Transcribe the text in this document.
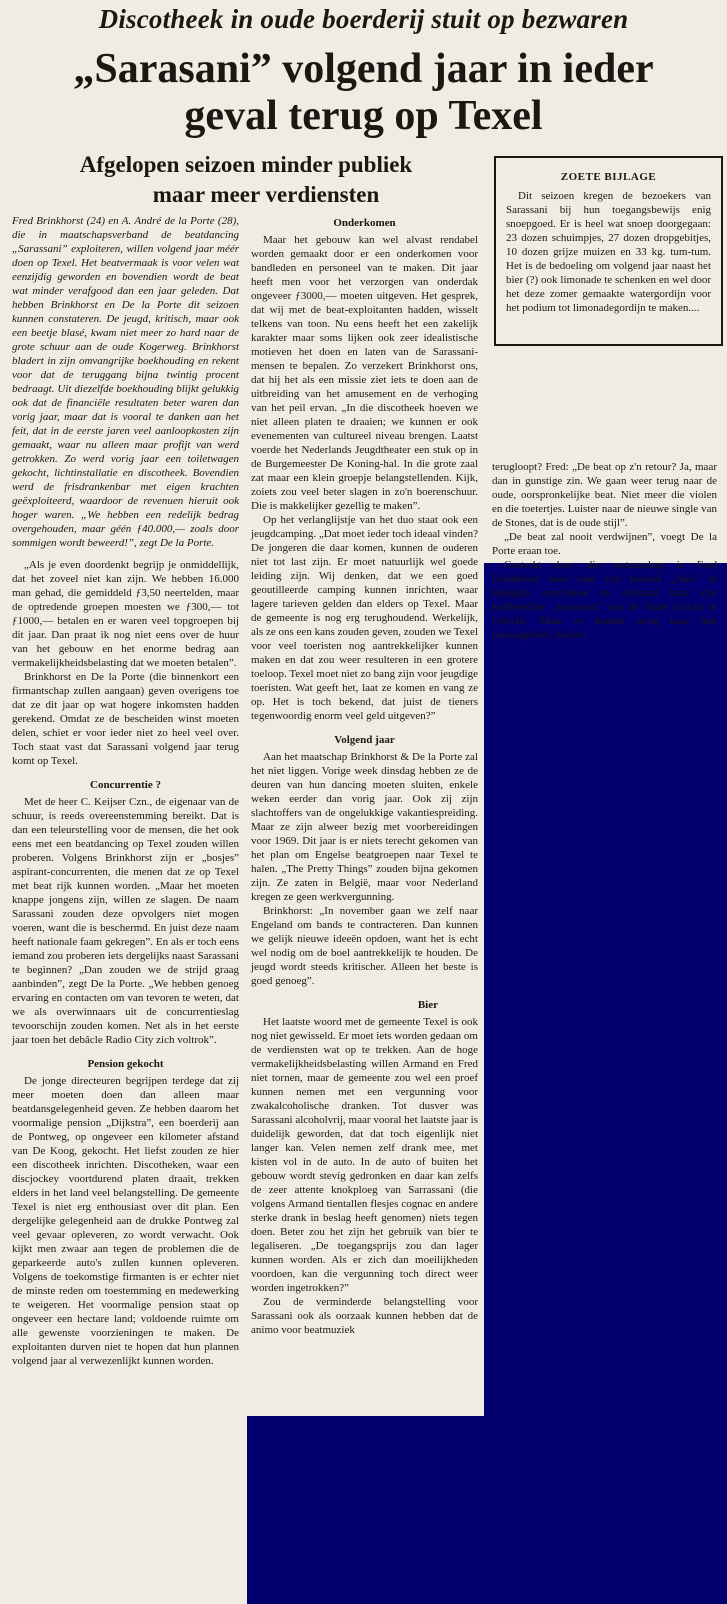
Discotheek in oude boerderij stuit op bezwaren
„Sarasani” volgend jaar in ieder
geval terug op Texel
Afgelopen seizoen minder publiek
maar meer verdiensten
ZOETE BIJLAGE

Dit seizoen kregen de bezoekers van Sarassani bij hun toegangsbewijs enig snoepgoed. Er is heel wat snoep doorgegaan: 23 dozen schuimpjes, 27 dozen dropgebitjes, 10 dozen grijze muizen en 33 kg. tum-tum. Het is de bedoeling om volgend jaar naast het bier (?) ook limonade te schenken en wel door het deze zomer gemaakte watergordijn voor het podium tot limonadegordijn te maken....

Fred Brinkhorst (24) en A. André de la Porte (28), die in maatschapsverband de beatdancing „Sarassani” exploiteren, willen volgend jaar méér doen op Texel. Het beatvermaak is voor velen wat eenzijdig geworden en bovendien wordt de beat wat minder verafgood dan een jaar geleden. Dat hebben Brinkhorst en De la Porte dit seizoen kunnen constateren. De jeugd, kritisch, maar ook een beetje blasé, kwam niet meer zo hard naar de grote schuur aan de oude Kogerweg. Brinkhorst bladert in zijn omvangrijke boekhouding en rekent voor dat de teruggang bijna twintig procent bedraagt. Uit diezelfde boekhouding blijkt gelukkig ook dat de financiële resultaten beter waren dan vorig jaar, maar dat is vooral te danken aan het feit, dat in de eerste jaren veel aanloopkosten zijn gemaakt, waar nu alleen maar profijt van werd getrokken. Zo werd vorig jaar een toiletwagen gekocht, lichtinstallatie en discotheek. Bovendien werd de frisdrankenbar met eigen krachten geëxploiteerd, waardoor de revenuen hieruit ook hoger waren. „We hebben een redelijk bedrag overgehouden, maar géén ƒ40.000,— zoals door sommigen wordt beweerd!”, zegt De la Porte.

„Als je even doordenkt begrijp je onmiddellijk, dat het zoveel niet kan zijn. We hebben 16.000 man gehad, die gemiddeld ƒ3,50 neertelden, maar de optredende groepen moesten we ƒ300,— tot ƒ1000,— betalen en er waren veel topgroepen bij dit jaar. Dan praat ik nog niet eens over de huur van het gebouw en het enorme bedrag aan vermakelijkheidsbelasting dat we moeten betalen”.

Brinkhorst en De la Porte (die binnenkort een firmantschap zullen aangaan) geven overigens toe dat ze dit jaar op wat hogere inkomsten hadden gerekend. Omdat ze de bescheiden winst moeten delen, schiet er voor ieder niet zo heel veel over. Toch staat vast dat Sarassani volgend jaar terug komt op Texel.

Concurrentie ?

Met de heer C. Keijser Czn., de eigenaar van de schuur, is reeds overeenstemming bereikt. Dat is dan een teleurstelling voor de mensen, die het ook eens met een beatdancing op Texel zouden willen proberen. Volgens Brinkhorst zijn er „bosjes” aspirant-concurrenten, die menen dat ze op Texel met beat rijk kunnen worden. „Maar het moeten knappe jongens zijn, willen ze slagen. De naam Sarassani zouden deze opvolgers niet mogen voeren, want die is beschermd. En juist deze naam heeft nationale faam gekregen”. En als er toch eens iemand zou proberen iets dergelijks naast Sarassani te beginnen? „Dan zouden we de strijd graag aanbinden”, zegt De la Porte. „We hebben genoeg ervaring en contacten om van tevoren te weten, dat we als overwinnaars uit de concurrentieslag tevoorschijn zouden komen. Net als in het eerste jaar toen het debâcle Radio City zich voltrok”.

Pension gekocht

De jonge directeuren begrijpen terdege dat zij meer moeten doen dan alleen maar beatdansgelegenheid geven. Ze hebben daarom het voormalige pension „Dijkstra”, een boerderij aan de Pontweg, op ongeveer een kilometer afstand van De Koog, gekocht. Het liefst zouden ze hier een discotheek inrichten. Discotheken, waar een discjockey voortdurend platen draait, trekken elders in het land veel belangstelling. De gemeente Texel is niet erg enthousiast over dit plan. Een dergelijke gelegenheid aan de drukke Pontweg zal veel gevaar opleveren, zo wordt verwacht. Ook kijkt men zwaar aan tegen de problemen die de geparkeerde auto's zullen kunnen opleveren. Volgens de toekomstige firmanten is er echter niet de minste reden om toestemming en medewerking te weigeren. Het voormalige pension staat op ongeveer een hectare land; voldoende ruimte om alle gewenste voorzieningen te maken. De exploitanten durven niet te hopen dat hun plannen volgend jaar al verwezenlijkt kunnen worden.

Onderkomen

Maar het gebouw kan wel alvast rendabel worden gemaakt door er een onderkomen voor bandleden en personeel van te maken. Dit jaar heeft men voor het verzorgen van onderdak ongeveer ƒ3000,— moeten uitgeven. Het gesprek, dat wij met de beat-exploitanten hadden, wisselt telkens van toon. Nu eens heeft het een zakelijk karakter maar soms lijken ook zeer idealistische motieven het doen en laten van de Sarassani-mensen te bepalen. Zo verzekert Brinkhorst ons, dat hij het als een missie ziet iets te doen aan de uitbreiding van het amusement en de verhoging van het peil ervan. „In die discotheek hoeven we niet alleen platen te draaien; we kunnen er ook evenementen van cultureel niveau brengen. Laatst voerde het Nederlands Jeugdtheater een stuk op in de Burgemeester De Koning-hal. In die grote zaal zat maar een klein groepje belangstellenden. Kijk, zoiets zou veel beter slagen in zo'n boerenschuur. Die is makkelijker gezellig te maken”.

Op het verlanglijstje van het duo staat ook een jeugdcamping. „Dat moet ieder toch ideaal vinden? De jongeren die daar komen, kunnen de ouderen niet tot last zijn. Er moet natuurlijk wel goede leiding zijn. Wij denken, dat we een goed geoutilleerde camping kunnen inrichten, waar lagere tarieven gelden dan elders op Texel. Maar de gemeente is nog erg terughoudend. Werkelijk, als ze ons een kans zouden geven, zouden we Texel voor veel toeristen nog aantrekkelijker kunnen maken en dat zou weer resulteren in een grotere toeloop. Texel moet niet zo bang zijn voor jeugdige toeristen. Wat geeft het, laat ze komen en vang ze op. Het is toch bekend, dat juist de tieners tegenwoordig enorm veel geld uitgeven?”

Volgend jaar

Aan het maatschap Brinkhorst & De la Porte zal het niet liggen. Vorige week dinsdag hebben ze de deuren van hun dancing moeten sluiten, enkele weken eerder dan vorig jaar. Ook zij zijn slachtoffers van de ongelukkige vakantiespreiding. Maar ze zijn alweer bezig met voorbereidingen voor 1969. Dit jaar is er niets terecht gekomen van het plan om Engelse beatgroepen naar Texel te halen. „The Pretty Things” zouden bijna gekomen zijn. Ze zaten in België, maar voor Nederland kregen ze geen werkvergunning.

Brinkhorst: „In november gaan we zelf naar Engeland om bands te contracteren. Dan kunnen we gelijk nieuwe ideeën opdoen, want het is echt wel nodig om de boel aantrekkelijk te houden. De jeugd wordt steeds kritischer. Alleen het beste is goed genoeg”.

Bier

Het laatste woord met de gemeente Texel is ook nog niet gewisseld. Er moet iets worden gedaan om de verdiensten wat op te trekken. Aan de hoge vermakelijkheidsbelasting willen Armand en Fred niet tornen, maar de gemeente zou wel een proef kunnen nemen met een vergunning voor zwakalcoholische dranken. Tot dusver was Sarassani alcoholvrij, maar vooral het laatste jaar is duidelijk geworden, dat dat toch eigenlijk niet langer kan. Velen nemen zelf drank mee, met kisten vol in de auto. In de auto of buiten het gebouw wordt stevig gedronken en daar kan zelfs de zeer attente knokploeg van Sarrassani (die volgens Armand tientallen flesjes cognac en andere sterke drank in beslag heeft genomen) niets tegen doen. Beter zou het zijn het gebruik van bier te legaliseren. „De toegangsprijs zou dan lager kunnen worden. Als er zich dan moeilijkheden voordoen, kan die vergunning toch direct weer worden ingetrokken?”

Zou de verminderde belangstelling voor Sarassani ook als oorzaak kunnen hebben dat de animo voor beatmuziek

terugloopt? Fred: „De beat op z'n retour? Ja, maar dan in gunstige zin. We gaan weer terug naar de oude, oorspronkelijke beat. Niet meer die violen en die toetertjes. Luister naar de nieuwe single van de Stones, dat is de oude stijl”.

„De beat zal nooit verdwijnen”, voegt De la Porte eraan toe.

Gesterkt door die wetenschap is Fred Brinkhorst weer naar zijn boetiek „Sara” in Hengelo vertrokken en Armand naar zijn koffiekelder „Sarassani” aan de Oude Gracht in Utrecht. Maar ze komen terug naar hun missiegebied, beslist!
